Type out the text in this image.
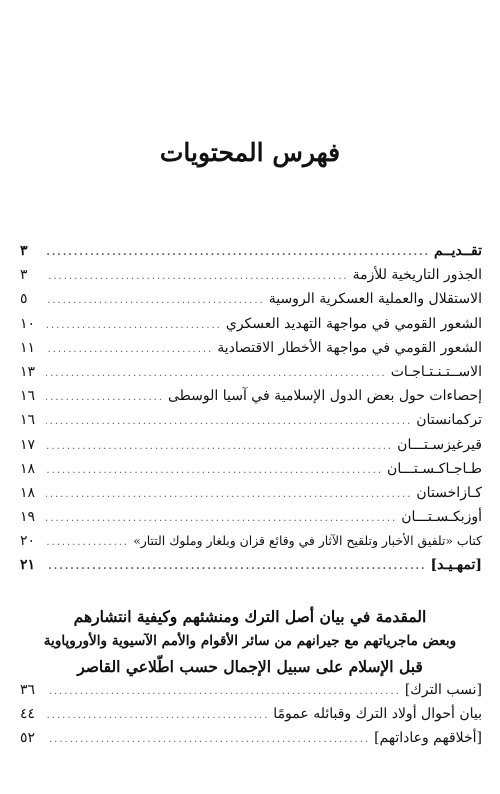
فهرس المحتويات
تقــديــم
.....
٣
الجذور التاريخية للأزمة
.....
٣
الاستقلال والعملية العسكرية الروسية
.....
٥
الشعور القومي في مواجهة التهديد العسكري
.....
١٠
الشعور القومي في مواجهة الأخطار الاقتصادية
.....
١١
الاســتـنـتـاجـات
.....
١٣
إحصاءات حول بعض الدول الإسلامية في آسيا الوسطى
.....
١٦
تركمانستان
.....
١٦
قيرغيزسـتـــان
.....
١٧
طـاجـاكـسـتـــان
.....
١٨
كـازاخستان
.....
١٨
أوزبكـسـتـــان
.....
١٩
كتاب «تلفيق الأخبار وتلقيح الآثار في وقائع قزان وبلغار وملوك التتار»
.....
٢٠
[تمهـيـد]
.....
٢١
المقدمة في بيان أصل الترك ومنشئهم وكيفية انتشارهم
وبعض ماجرياتهم مع جيرانهم من سائر الأقوام والأمم الآسيوية والأوروپاوية
قبل الإسلام على سبيل الإجمال حسب اطّلاعي القاصر
[نسب الترك]
.....
٣٦
بيان أحوال أولاد الترك وقبائله عمومًا
.....
٤٤
[أخلاقهم وعاداتهم]
.....
٥٢
